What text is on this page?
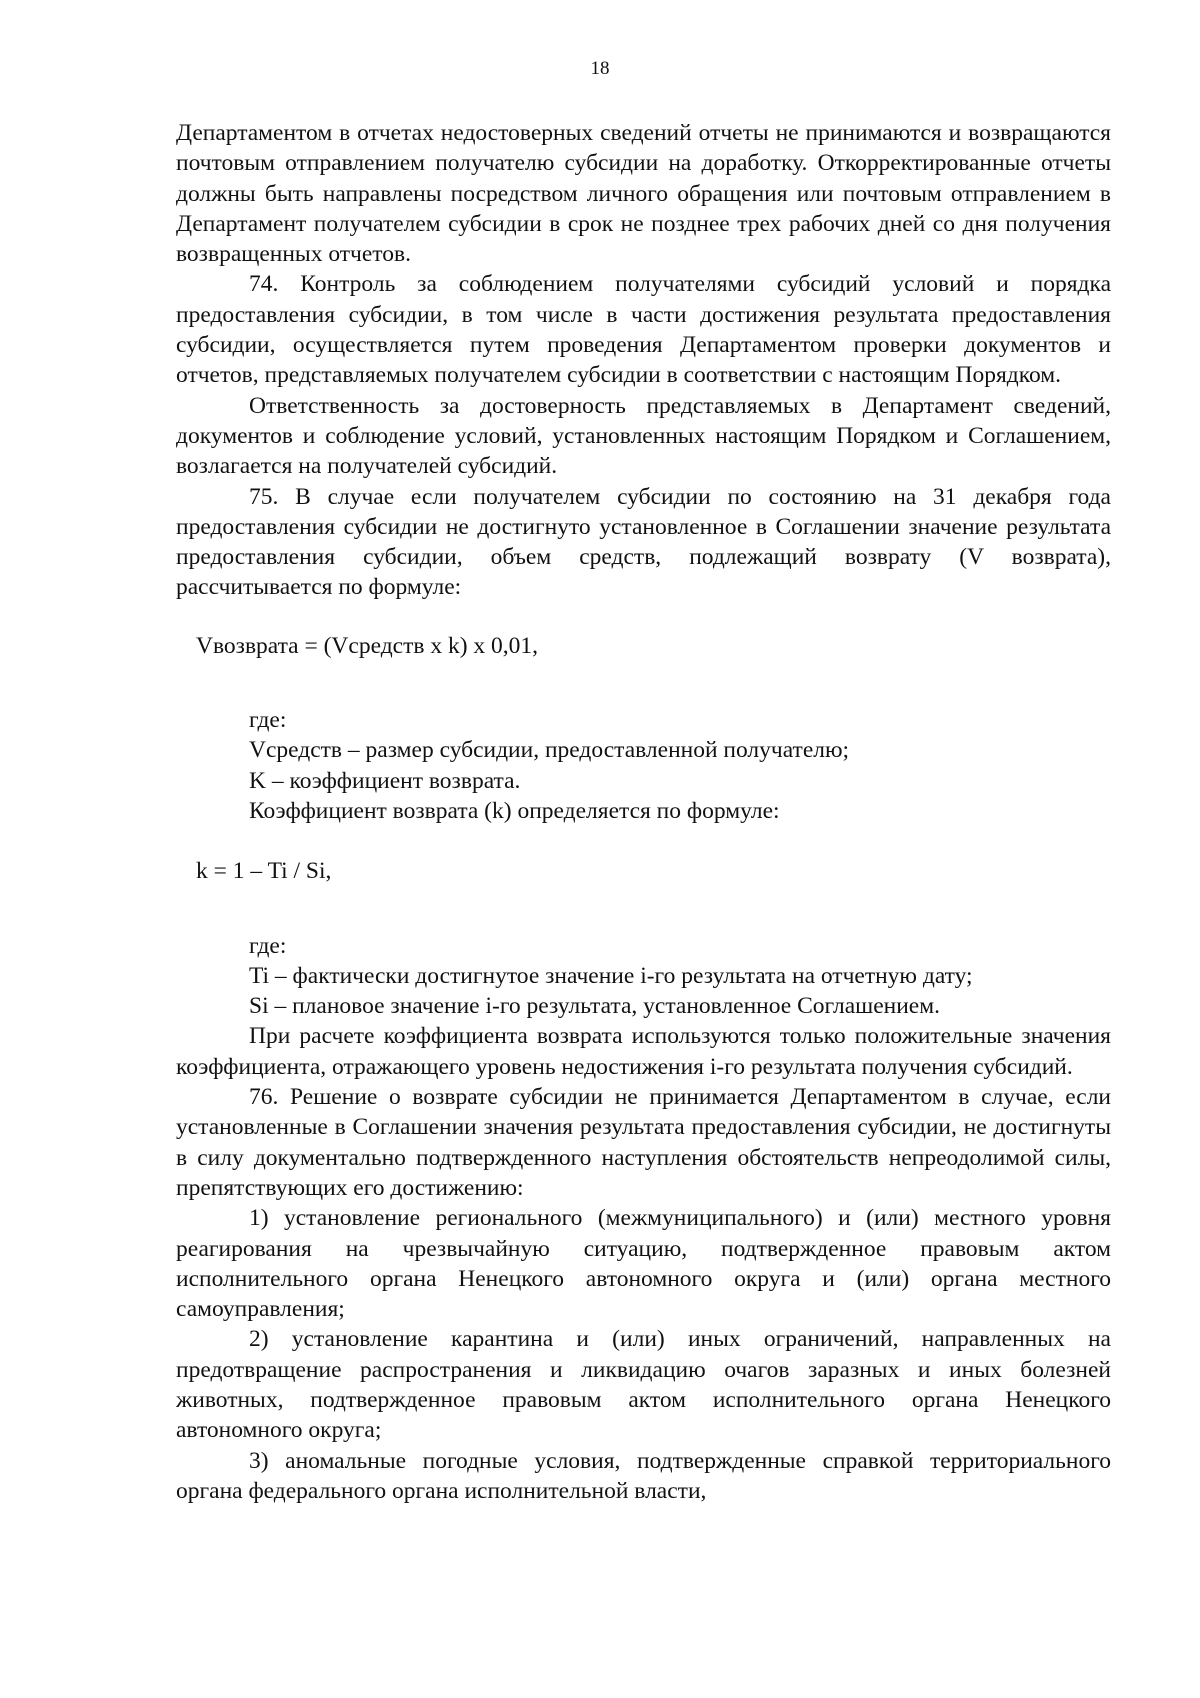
18

Департаментом в отчетах недостоверных сведений отчеты не принимаются и возвращаются почтовым отправлением получателю субсидии на доработку. Откорректированные отчеты должны быть направлены посредством личного обращения или почтовым отправлением в Департамент получателем субсидии в срок не позднее трех рабочих дней со дня получения возвращенных отчетов.

74. Контроль за соблюдением получателями субсидий условий и порядка предоставления субсидии, в том числе в части достижения результата предоставления субсидии, осуществляется путем проведения Департаментом проверки документов и отчетов, представляемых получателем субсидии в соответствии с настоящим Порядком.

Ответственность за достоверность представляемых в Департамент сведений, документов и соблюдение условий, установленных настоящим Порядком и Соглашением, возлагается на получателей субсидий.

75. В случае если получателем субсидии по состоянию на 31 декабря года предоставления субсидии не достигнуто установленное в Соглашении значение результата предоставления субсидии, объем средств, подлежащий возврату (V возврата), рассчитывается по формуле:

Vвозврата = (Vсредств x k) x 0,01,

где:

Vсредств – размер субсидии, предоставленной получателю;

K – коэффициент возврата.

Коэффициент возврата (k) определяется по формуле:

k = 1 – Ti / Si,

где:

Ti – фактически достигнутое значение i-го результата на отчетную дату;

Si – плановое значение i-го результата, установленное Соглашением.

При расчете коэффициента возврата используются только положительные значения коэффициента, отражающего уровень недостижения i-го результата получения субсидий.

76. Решение о возврате субсидии не принимается Департаментом в случае, если установленные в Соглашении значения результата предоставления субсидии, не достигнуты в силу документально подтвержденного наступления обстоятельств непреодолимой силы, препятствующих его достижению:

1) установление регионального (межмуниципального) и (или) местного уровня реагирования на чрезвычайную ситуацию, подтвержденное правовым актом исполнительного органа Ненецкого автономного округа и (или) органа местного самоуправления;

2) установление карантина и (или) иных ограничений, направленных на предотвращение распространения и ликвидацию очагов заразных и иных болезней животных, подтвержденное правовым актом исполнительного органа Ненецкого автономного округа;

3) аномальные погодные условия, подтвержденные справкой территориального органа федерального органа исполнительной власти,
